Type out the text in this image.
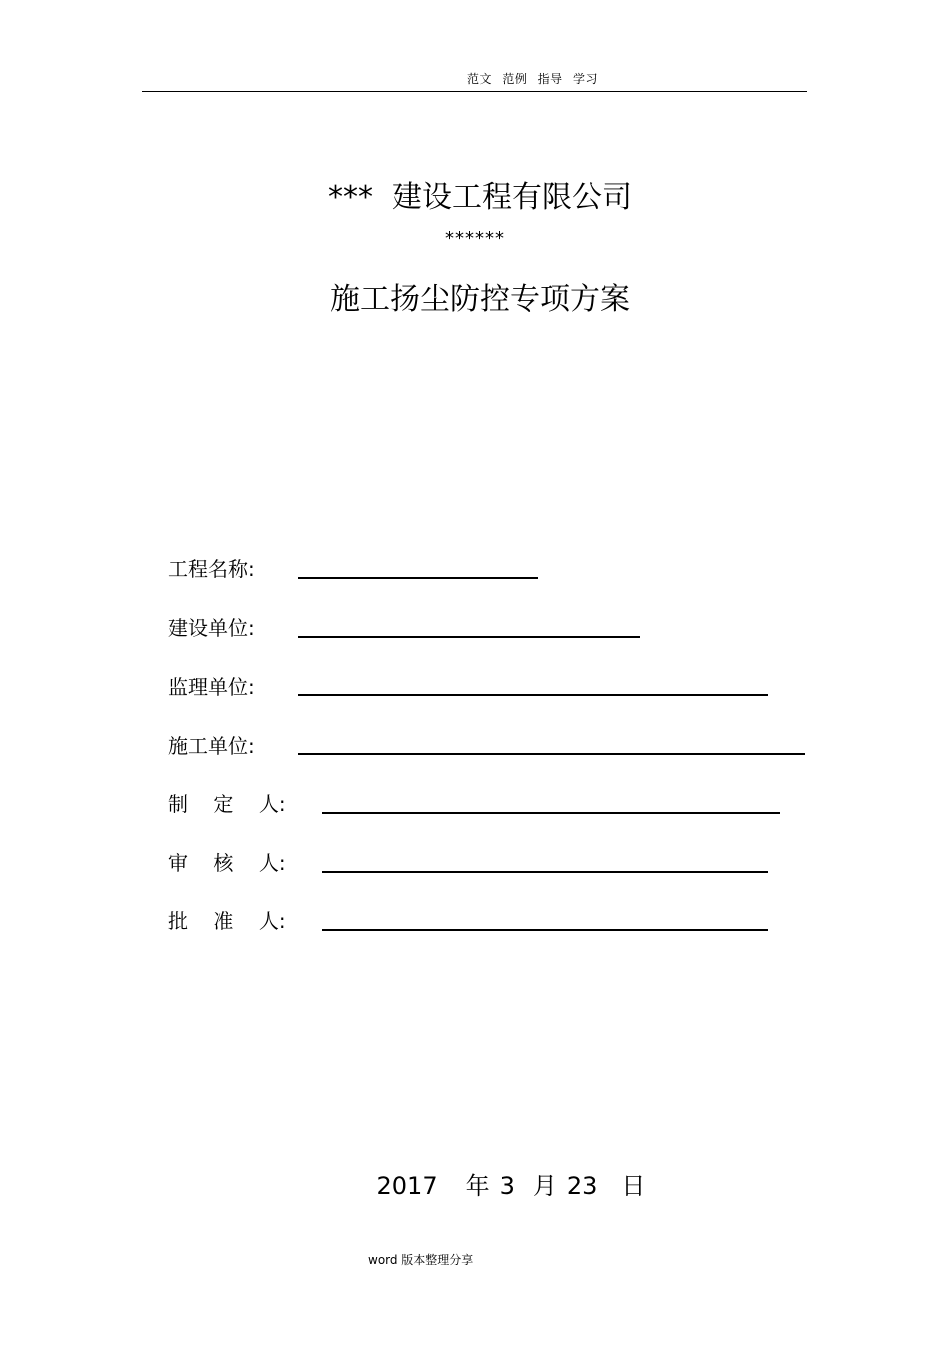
范文 范例 指导 学习
***  建设工程有限公司
******
施工扬尘防控专项方案
工程名称:
建设单位:
监理单位:
施工单位:
制    定    人:
审    核    人:
批    准    人:

2017 年 3 月 23 日

word 版本整理分享
